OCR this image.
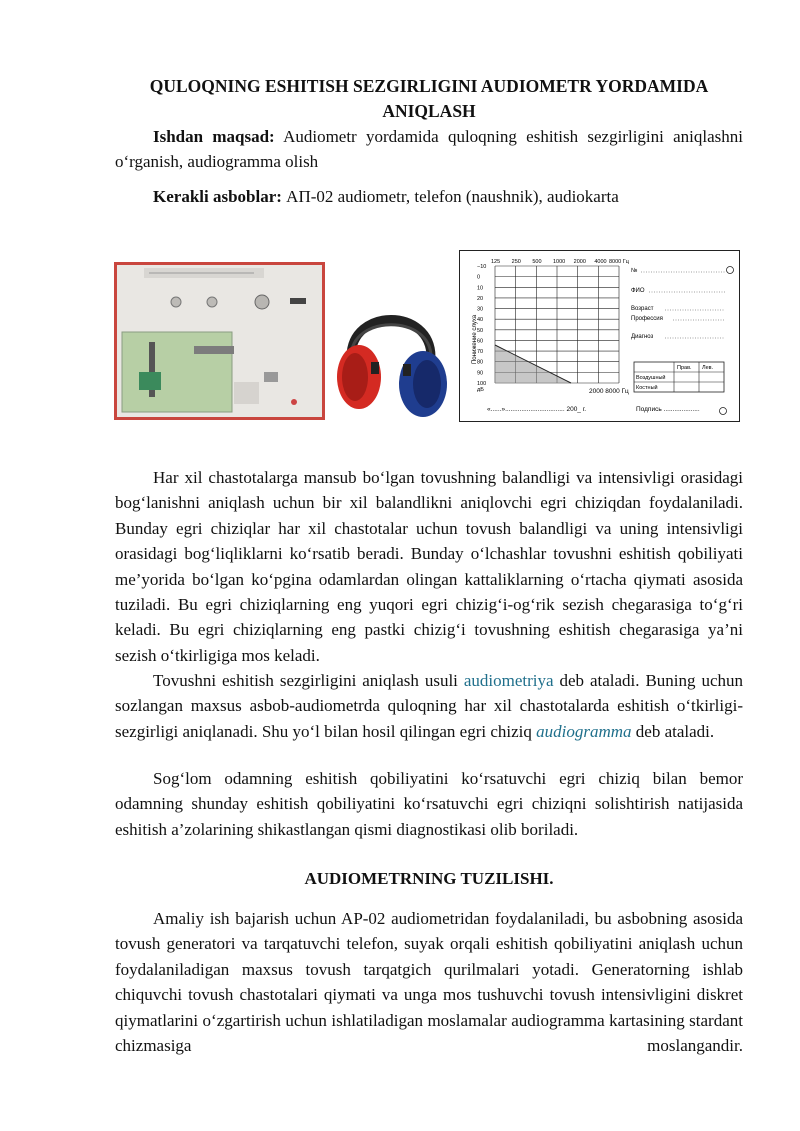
QULOQNING ESHITISH SEZGIRLIGINI AUDIOMETR YORDAMIDA ANIQLASH

Ishdan maqsad: Audiometr yordamida quloqning eshitish sezgirligini aniqlashni o‘rganish, audiogramma olish

Kerakli asboblar: АП-02 audiometr, telefon (naushnik), audiokarta

125 250 500 1000 2000 4000 8000 Гц
−10
0
10
20
30
40
50
60
70
80
90
100
дБ
Понижение слуха
2000 8000 Гц
«......»................................. 200_ г.	Подпись ....................
№
ФИО
Возраст
Профессия
Диагноз
Прав. Лев.
Воздушный
Костный

Har xil chastotalarga mansub bo‘lgan tovushning balandligi va intensivligi orasidagi bog‘lanishni aniqlash uchun bir xil balandlikni aniqlovchi egri chiziqdan foydalaniladi. Bunday egri chiziqlar har xil chastotalar uchun tovush balandligi va uning intensivligi orasidagi bog‘liqliklarni ko‘rsatib beradi. Bunday o‘lchashlar tovushni eshitish qobiliyati me’yorida bo‘lgan ko‘pgina odamlardan olingan kattaliklarning o‘rtacha qiymati asosida tuziladi. Bu egri chiziqlarning eng yuqori egri chizig‘i-og‘rik sezish chegarasiga to‘g‘ri keladi. Bu egri chiziqlarning eng pastki chizig‘i tovushning eshitish chegarasiga ya’ni sezish o‘tkirligiga mos keladi.

Tovushni eshitish sezgirligini aniqlash usuli audiometriya deb ataladi. Buning uchun sozlangan maxsus asbob-audiometrda quloqning har xil chastotalarda eshitish o‘tkirligi-sezgirligi aniqlanadi. Shu yo‘l bilan hosil qilingan egri chiziq audiogramma deb ataladi.

Sog‘lom odamning eshitish qobiliyatini ko‘rsatuvchi egri chiziq bilan bemor odamning shunday eshitish qobiliyatini ko‘rsatuvchi egri chiziqni solishtirish natijasida eshitish a’zolarining shikastlangan qismi diagnostikasi olib boriladi.

AUDIOMETRNING TUZILISHI.

Amaliy ish bajarish uchun AP-02 audiometridan foydalaniladi, bu asbobning asosida tovush generatori va tarqatuvchi telefon, suyak orqali eshitish qobiliyatini aniqlash uchun foydalaniladigan maxsus tovush tarqatgich qurilmalari yotadi. Generatorning ishlab chiquvchi tovush chastotalari qiymati va unga mos tushuvchi tovush intensivligini diskret qiymatlarini o‘zgartirish uchun ishlatiladigan moslamalar audiogramma kartasining stardant chizmasiga moslangandir.
